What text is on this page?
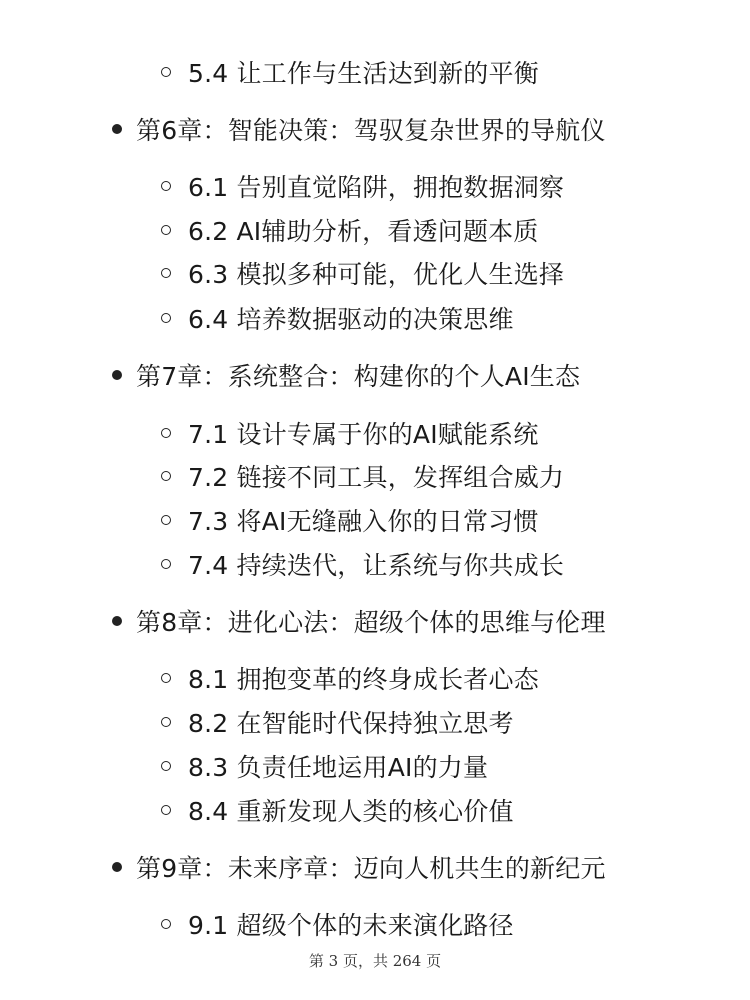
5.4 让工作与生活达到新的平衡
第6章：智能决策：驾驭复杂世界的导航仪
6.1 告别直觉陷阱，拥抱数据洞察
6.2 AI辅助分析，看透问题本质
6.3 模拟多种可能，优化人生选择
6.4 培养数据驱动的决策思维
第7章：系统整合：构建你的个人AI生态
7.1 设计专属于你的AI赋能系统
7.2 链接不同工具，发挥组合威力
7.3 将AI无缝融入你的日常习惯
7.4 持续迭代，让系统与你共成长
第8章：进化心法：超级个体的思维与伦理
8.1 拥抱变革的终身成长者心态
8.2 在智能时代保持独立思考
8.3 负责任地运用AI的力量
8.4 重新发现人类的核心价值
第9章：未来序章：迈向人机共生的新纪元
9.1 超级个体的未来演化路径
第 3 页，共 264 页
